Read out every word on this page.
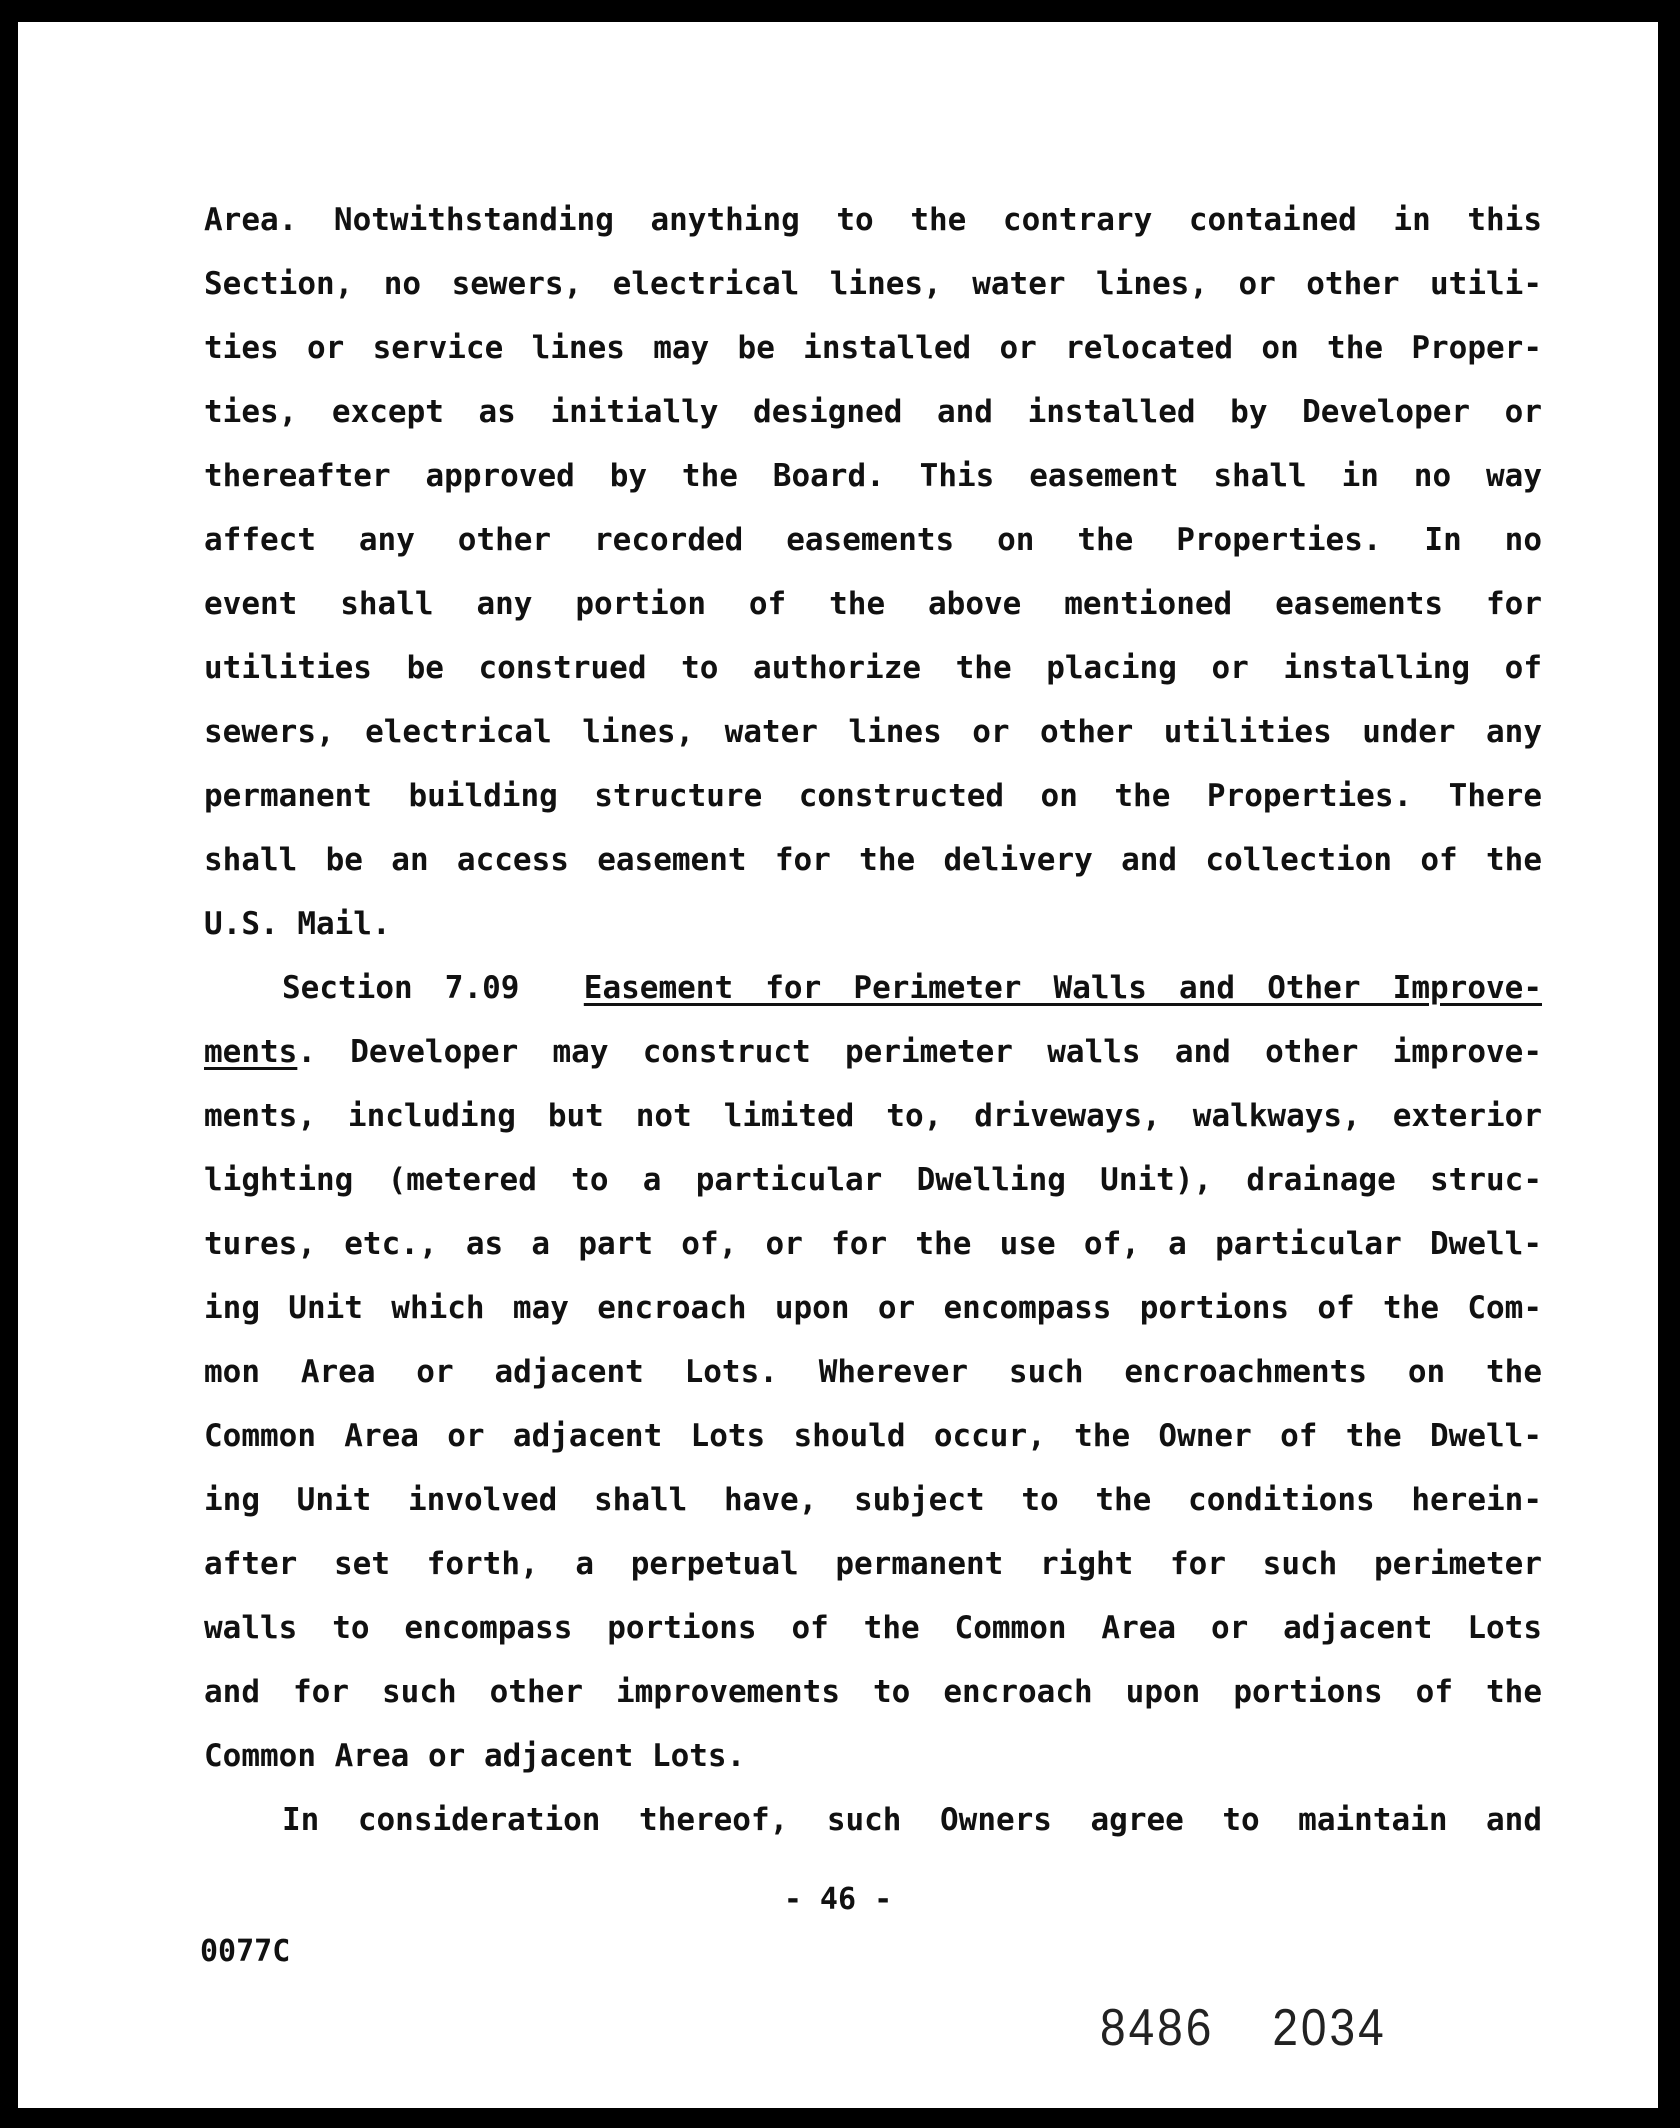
Area. Notwithstanding anything to the contrary contained in this
Section, no sewers, electrical lines, water lines, or other utili-
ties or service lines may be installed or relocated on the Proper-
ties, except as initially designed and installed by Developer or
thereafter approved by the Board. This easement shall in no way
affect any other recorded easements on the Properties. In no
event shall any portion of the above mentioned easements for
utilities be construed to authorize the placing or installing of
sewers, electrical lines, water lines or other utilities under any
permanent building structure constructed on the Properties. There
shall be an access easement for the delivery and collection of the
U.S. Mail.
Section 7.09 Easement for Perimeter Walls and Other Improve-
ments. Developer may construct perimeter walls and other improve-
ments, including but not limited to, driveways, walkways, exterior
lighting (metered to a particular Dwelling Unit), drainage struc-
tures, etc., as a part of, or for the use of, a particular Dwell-
ing Unit which may encroach upon or encompass portions of the Com-
mon Area or adjacent Lots. Wherever such encroachments on the
Common Area or adjacent Lots should occur, the Owner of the Dwell-
ing Unit involved shall have, subject to the conditions herein-
after set forth, a perpetual permanent right for such perimeter
walls to encompass portions of the Common Area or adjacent Lots
and for such other improvements to encroach upon portions of the
Common Area or adjacent Lots.
In consideration thereof, such Owners agree to maintain and
- 46 -
0077C
8486 2034
